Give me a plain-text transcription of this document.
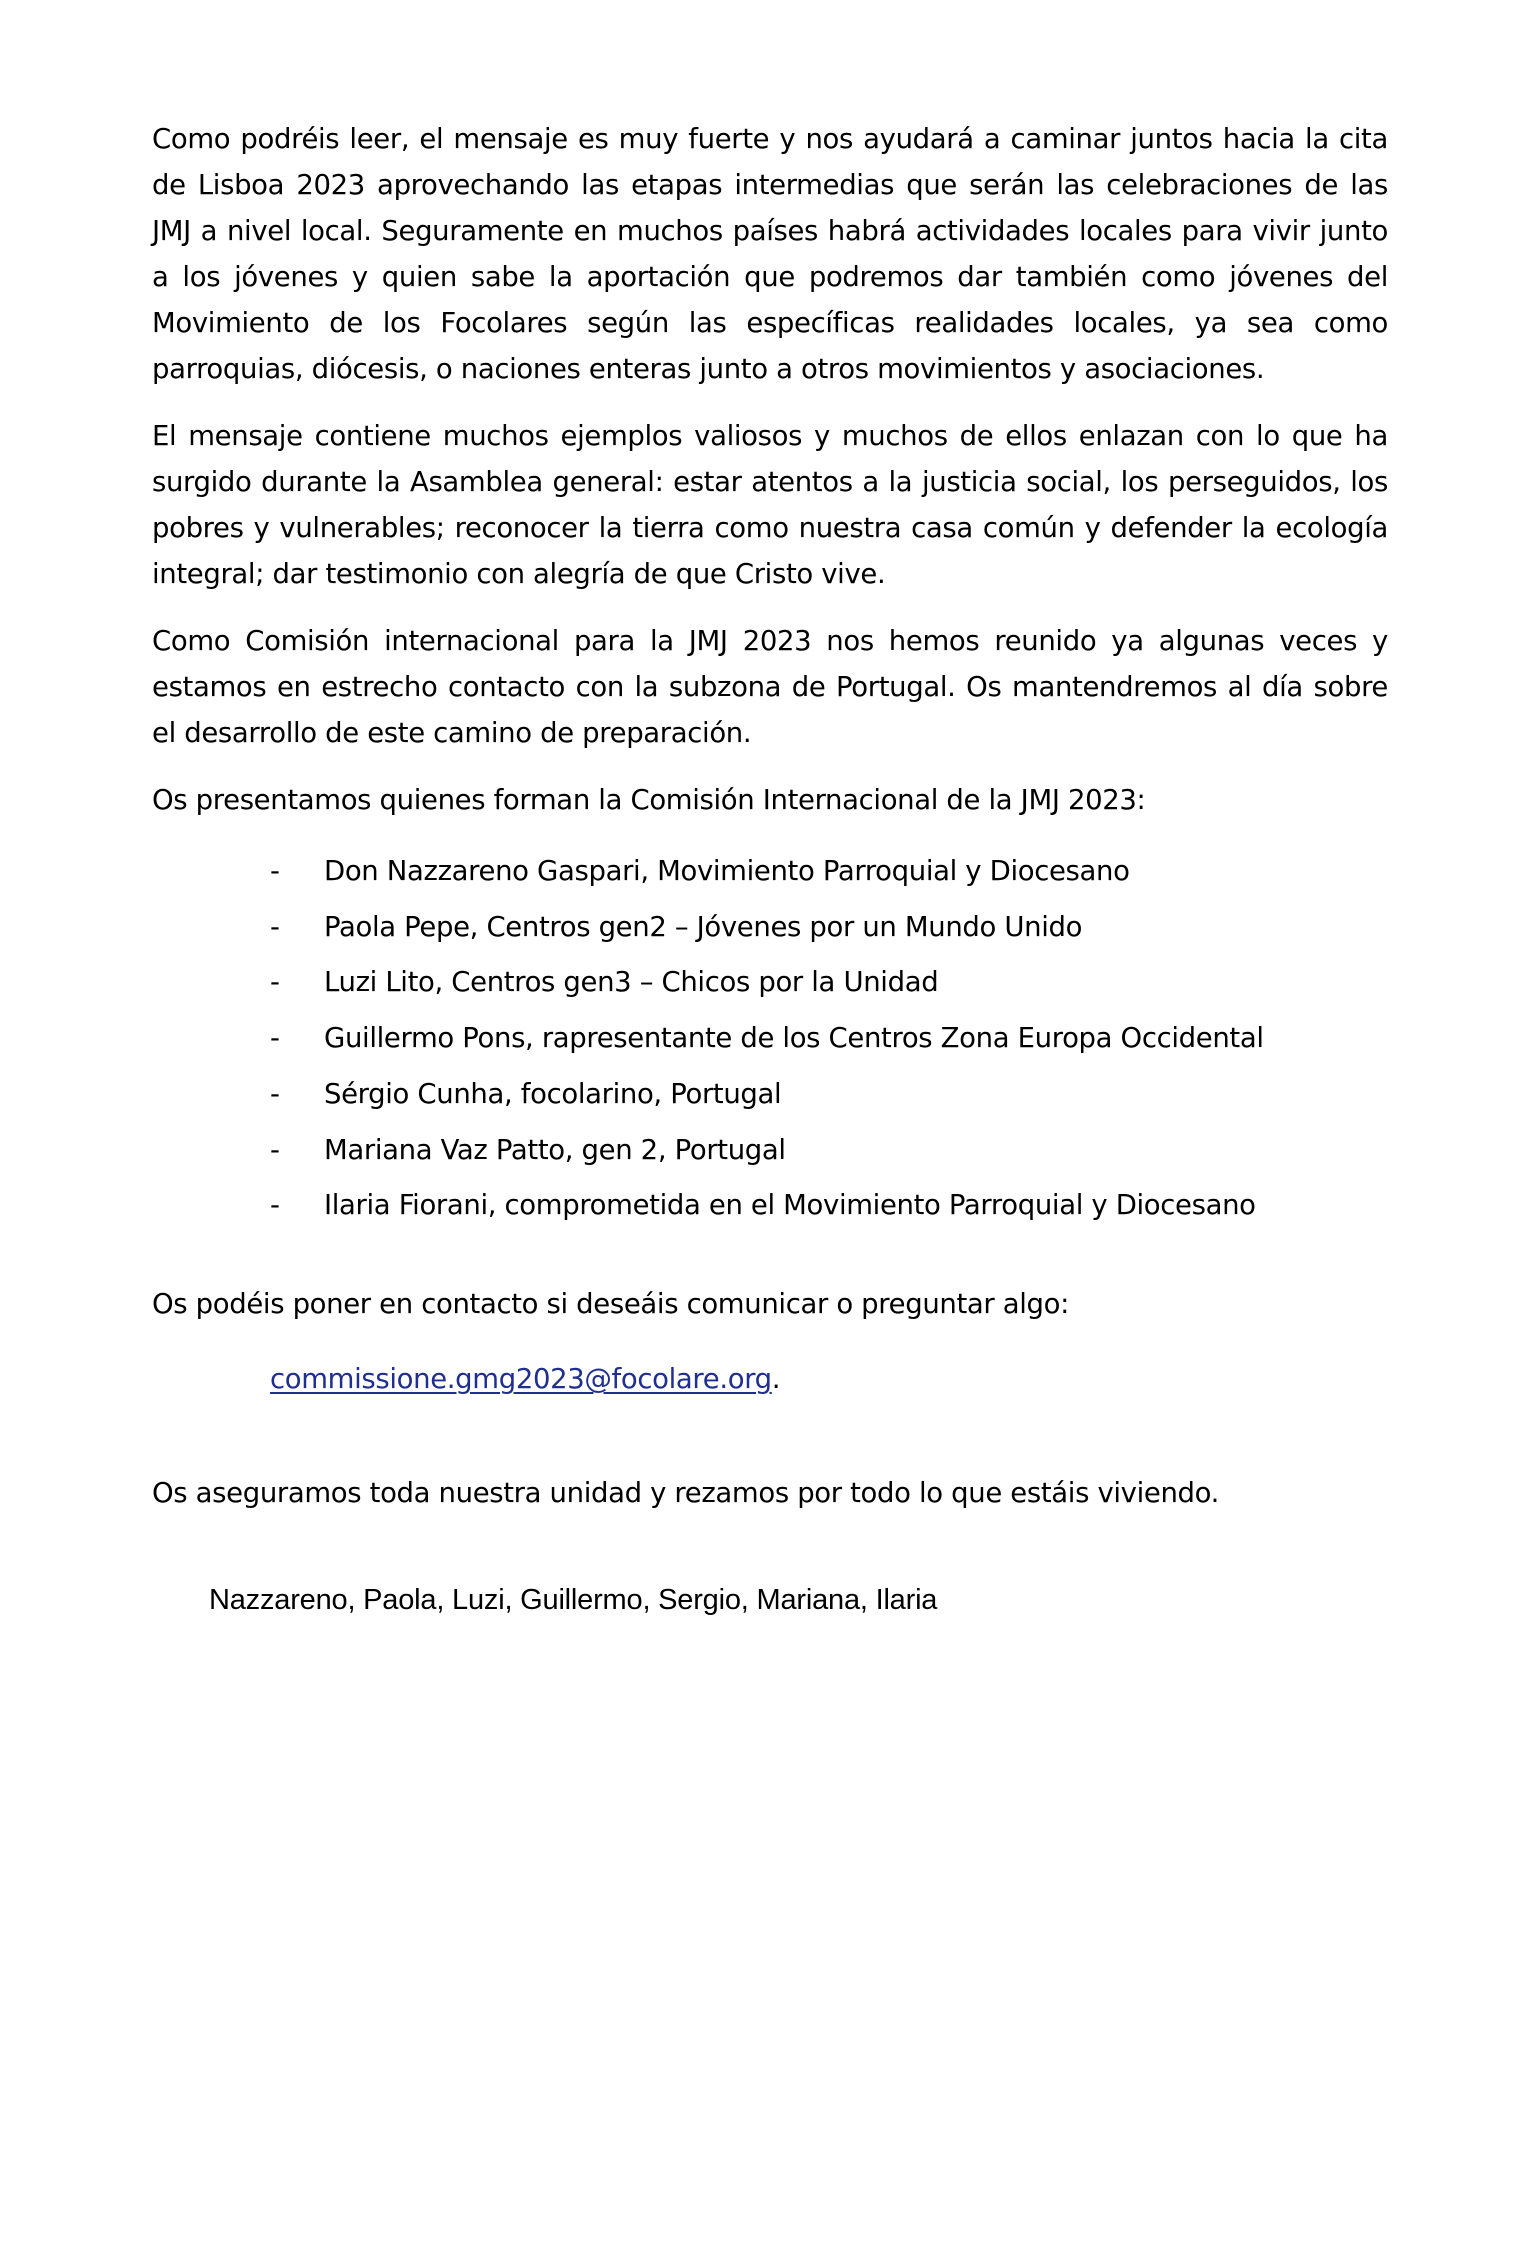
Como podréis leer, el mensaje es muy fuerte y nos ayudará a caminar juntos hacia la cita de Lisboa 2023 aprovechando las etapas intermedias que serán las celebraciones de las JMJ a nivel local. Seguramente en muchos países habrá actividades locales para vivir junto a los jóvenes y quien sabe la aportación que podremos dar también como jóvenes del Movimiento de los Focolares según las específicas realidades locales, ya sea como parroquias, diócesis, o naciones enteras junto a otros movimientos y asociaciones.

El mensaje contiene muchos ejemplos valiosos y muchos de ellos enlazan con lo que ha surgido durante la Asamblea general: estar atentos a la justicia social, los perseguidos, los pobres y vulnerables; reconocer la tierra como nuestra casa común y defender la ecología integral; dar testimonio con alegría de que Cristo vive.

Como Comisión internacional para la JMJ 2023 nos hemos reunido ya algunas veces y estamos en estrecho contacto con la subzona de Portugal. Os mantendremos al día sobre el desarrollo de este camino de preparación.

Os presentamos quienes forman la Comisión Internacional de la JMJ 2023:

- Don Nazzareno Gaspari, Movimiento Parroquial y Diocesano
- Paola Pepe, Centros gen2 – Jóvenes por un Mundo Unido
- Luzi Lito, Centros gen3 – Chicos por la Unidad
- Guillermo Pons, rapresentante de los Centros Zona Europa Occidental
- Sérgio Cunha, focolarino, Portugal
- Mariana Vaz Patto, gen 2, Portugal
- Ilaria Fiorani, comprometida en el Movimiento Parroquial y Diocesano

Os podéis poner en contacto si deseáis comunicar o preguntar algo:

commissione.gmg2023@focolare.org.

Os aseguramos toda nuestra unidad y rezamos por todo lo que estáis viviendo.

Nazzareno, Paola, Luzi, Guillermo, Sergio, Mariana, Ilaria
